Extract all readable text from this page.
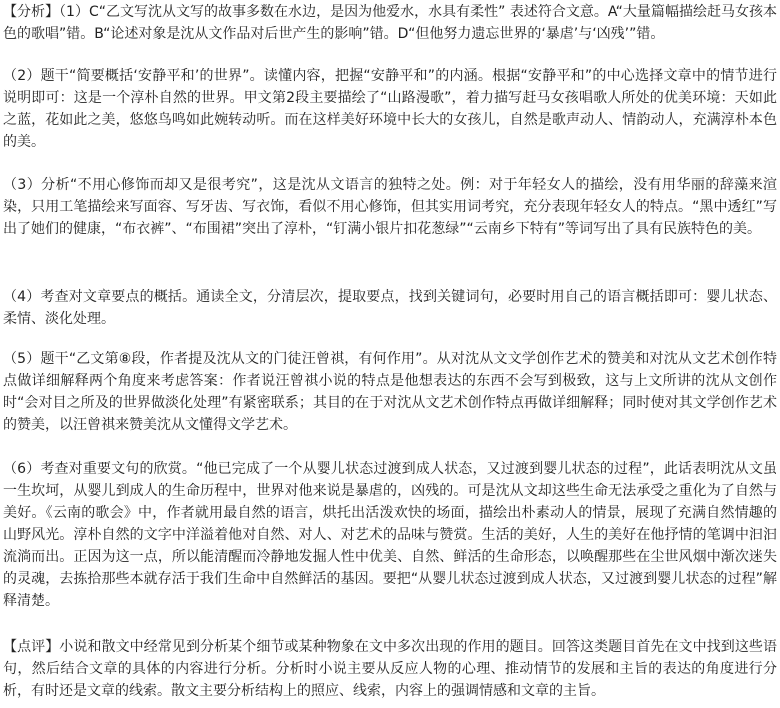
【分析】（1）C“乙文写沈从文写的故事多数在水边，是因为他爱水，水具有柔性” 表述符合文意。A“大量篇幅描绘赶马女孩本色的歌唱”错。B“论述对象是沈从文作品对后世产生的影响”错。D“但他努力遗忘世界的‘暴虐’与‘凶残’”错。

（2）题干“简要概括‘安静平和’的世界”。读懂内容，把握“安静平和”的内涵。根据“安静平和”的中心选择文章中的情节进行说明即可：这是一个淳朴自然的世界。甲文第2段主要描绘了“山路漫歌”，着力描写赶马女孩唱歌人所处的优美环境：天如此之蓝，花如此之美，悠悠鸟鸣如此婉转动听。而在这样美好环境中长大的女孩儿，自然是歌声动人、情韵动人，充满淳朴本色的美。

（3）分析“不用心修饰而却又是很考究”，这是沈从文语言的独特之处。例：对于年轻女人的描绘，没有用华丽的辞藻来渲染，只用工笔描绘来写面容、写牙齿、写衣饰，看似不用心修饰，但其实用词考究，充分表现年轻女人的特点。“黑中透红”写出了她们的健康，“布衣裤”、“布围裙”突出了淳朴，“钉满小银片扣花葱绿”“云南乡下特有”等词写出了具有民族特色的美。

（4）考查对文章要点的概括。通读全文，分清层次，提取要点，找到关键词句，必要时用自己的语言概括即可：婴儿状态、柔情、淡化处理。

（5）题干“乙文第⑧段，作者提及沈从文的门徒汪曾祺，有何作用”。从对沈从文文学创作艺术的赞美和对沈从文艺术创作特点做详细解释两个角度来考虑答案：作者说汪曾祺小说的特点是他想表达的东西不会写到极致，这与上文所讲的沈从文创作时“会对目之所及的世界做淡化处理”有紧密联系；其目的在于对沈从文艺术创作特点再做详细解释；同时使对其文学创作艺术的赞美，以汪曾祺来赞美沈从文懂得文学艺术。

（6）考查对重要文句的欣赏。“他已完成了一个从婴儿状态过渡到成人状态，又过渡到婴儿状态的过程”，此话表明沈从文虽一生坎坷，从婴儿到成人的生命历程中，世界对他来说是暴虐的，凶残的。可是沈从文却这些生命无法承受之重化为了自然与美好。《云南的歌会》中，作者就用最自然的语言，烘托出活泼欢快的场面，描绘出朴素动人的情景，展现了充满自然情趣的山野风光。淳朴自然的文字中洋溢着他对自然、对人、对艺术的品味与赞赏。生活的美好，人生的美好在他抒情的笔调中汩汩流淌而出。正因为这一点，所以能清醒而冷静地发掘人性中优美、自然、鲜活的生命形态，以唤醒那些在尘世风烟中渐次迷失的灵魂，去拣拾那些本就存活于我们生命中自然鲜活的基因。要把“从婴儿状态过渡到成人状态，又过渡到婴儿状态的过程”解释清楚。

【点评】小说和散文中经常见到分析某个细节或某种物象在文中多次出现的作用的题目。回答这类题目首先在文中找到这些语句，然后结合文章的具体的内容进行分析。分析时小说主要从反应人物的心理、推动情节的发展和主旨的表达的角度进行分析，有时还是文章的线索。散文主要分析结构上的照应、线索，内容上的强调情感和文章的主旨。
